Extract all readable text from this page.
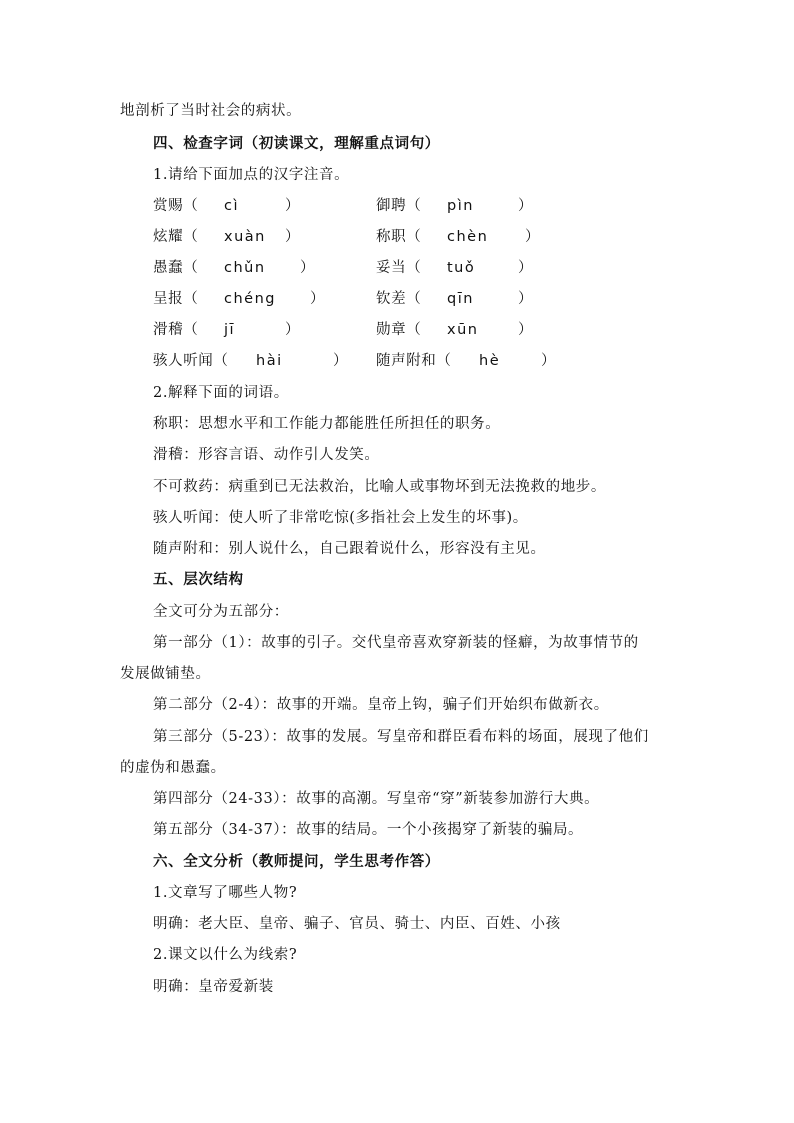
地剖析了当时社会的病状。
四、检查字词（初读课文，理解重点词句）
1.请给下面加点的汉字注音。
赏赐（ cì	）	御聘（ pìn	）
炫耀（ xuàn ）	称职（ chèn	）
愚蠢（ chǔn ）	妥当（ tuǒ	）
呈报（ chéng ）	钦差（ qīn	）
滑稽（ jī	）	勋章（ xūn	）
骇人听闻（ hài	） 随声附和（ hè	）
2.解释下面的词语。
称职：思想水平和工作能力都能胜任所担任的职务。
滑稽：形容言语、动作引人发笑。
不可救药：病重到已无法救治，比喻人或事物坏到无法挽救的地步。
骇人听闻：使人听了非常吃惊(多指社会上发生的坏事)。
随声附和：别人说什么，自己跟着说什么，形容没有主见。
五、层次结构
全文可分为五部分：
第一部分（1）：故事的引子。交代皇帝喜欢穿新装的怪癖，为故事情节的
发展做铺垫。
第二部分（2-4）：故事的开端。皇帝上钩，骗子们开始织布做新衣。
第三部分（5-23）：故事的发展。写皇帝和群臣看布料的场面，展现了他们
的虚伪和愚蠢。
第四部分（24-33）：故事的高潮。写皇帝“穿”新装参加游行大典。
第五部分（34-37）：故事的结局。一个小孩揭穿了新装的骗局。
六、全文分析（教师提问，学生思考作答）
1.文章写了哪些人物?
明确：老大臣、皇帝、骗子、官员、骑士、内臣、百姓、小孩
2.课文以什么为线索?
明确：皇帝爱新装
